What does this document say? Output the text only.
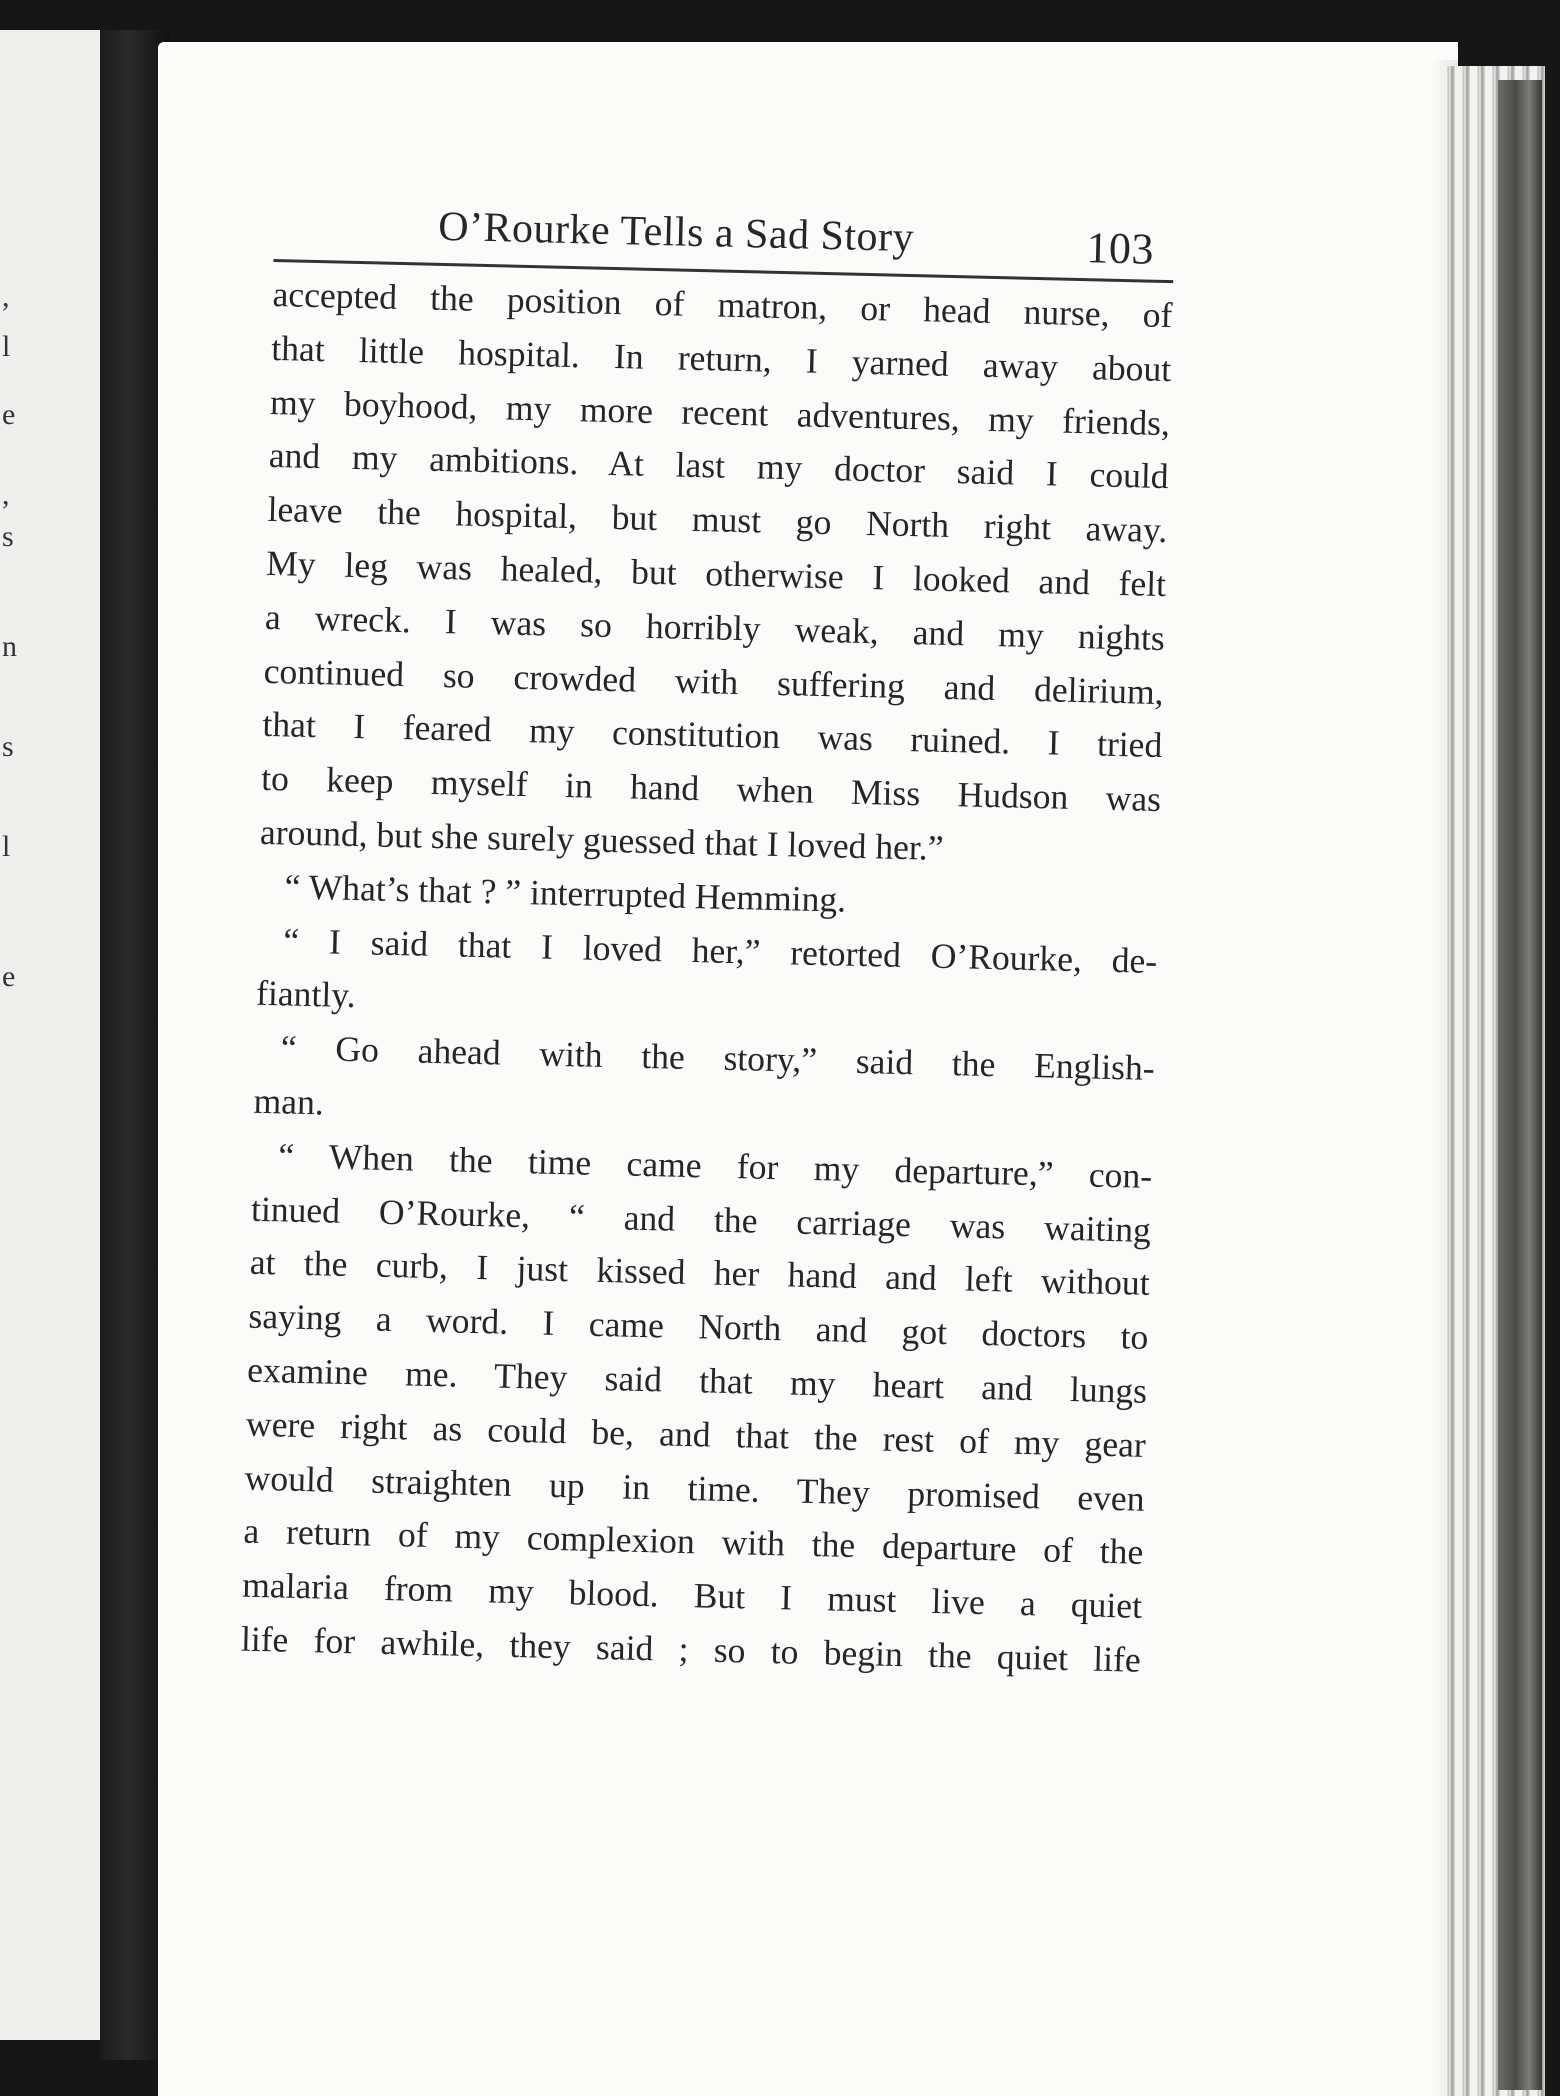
,
l
e
,
s
n
s
l
e
O’Rourke Tells a Sad Story	103

accepted the position of matron, or head nurse, of

that little hospital. In return, I yarned away about

my boyhood, my more recent adventures, my friends,

and my ambitions. At last my doctor said I could

leave the hospital, but must go North right away.

My leg was healed, but otherwise I looked and felt

a wreck. I was so horribly weak, and my nights

continued so crowded with suffering and delirium,

that I feared my constitution was ruined. I tried

to keep myself in hand when Miss Hudson was

around, but she surely guessed that I loved her.”

“ What’s that ? ” interrupted Hemming.

“ I said that I loved her,” retorted O’Rourke, de-

fiantly.

“ Go ahead with the story,” said the English-

man.

“ When the time came for my departure,” con-

tinued O’Rourke, “ and the carriage was waiting

at the curb, I just kissed her hand and left without

saying a word. I came North and got doctors to

examine me. They said that my heart and lungs

were right as could be, and that the rest of my gear

would straighten up in time. They promised even

a return of my complexion with the departure of the

malaria from my blood. But I must live a quiet

life for awhile, they said ; so to begin the quiet life
